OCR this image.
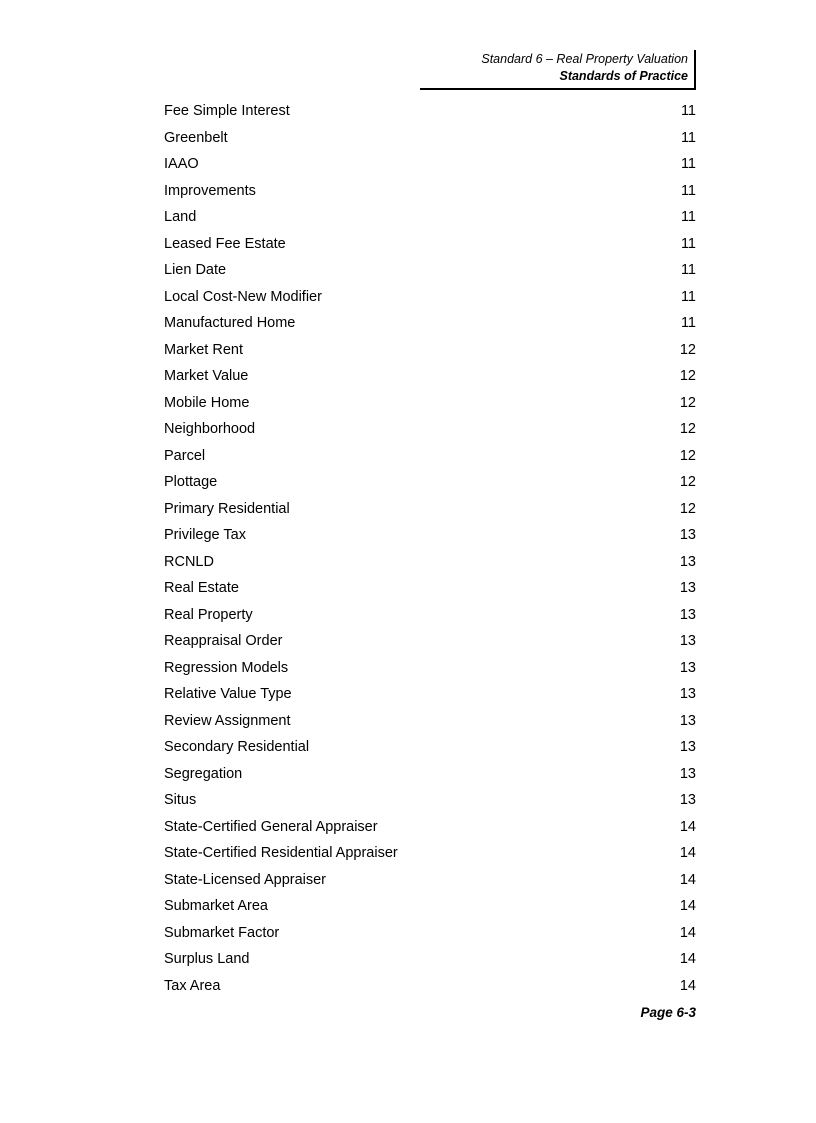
Standard 6 – Real Property Valuation
Standards of Practice
Fee Simple Interest	11
Greenbelt	11
IAAO	11
Improvements	11
Land	11
Leased Fee Estate	11
Lien Date	11
Local Cost-New Modifier	11
Manufactured Home	11
Market Rent	12
Market Value	12
Mobile Home	12
Neighborhood	12
Parcel	12
Plottage	12
Primary Residential	12
Privilege Tax	13
RCNLD	13
Real Estate	13
Real Property	13
Reappraisal Order	13
Regression Models	13
Relative Value Type	13
Review Assignment	13
Secondary Residential	13
Segregation	13
Situs	13
State-Certified General Appraiser	14
State-Certified Residential Appraiser	14
State-Licensed Appraiser	14
Submarket Area	14
Submarket Factor	14
Surplus Land	14
Tax Area	14
Page 6-3
